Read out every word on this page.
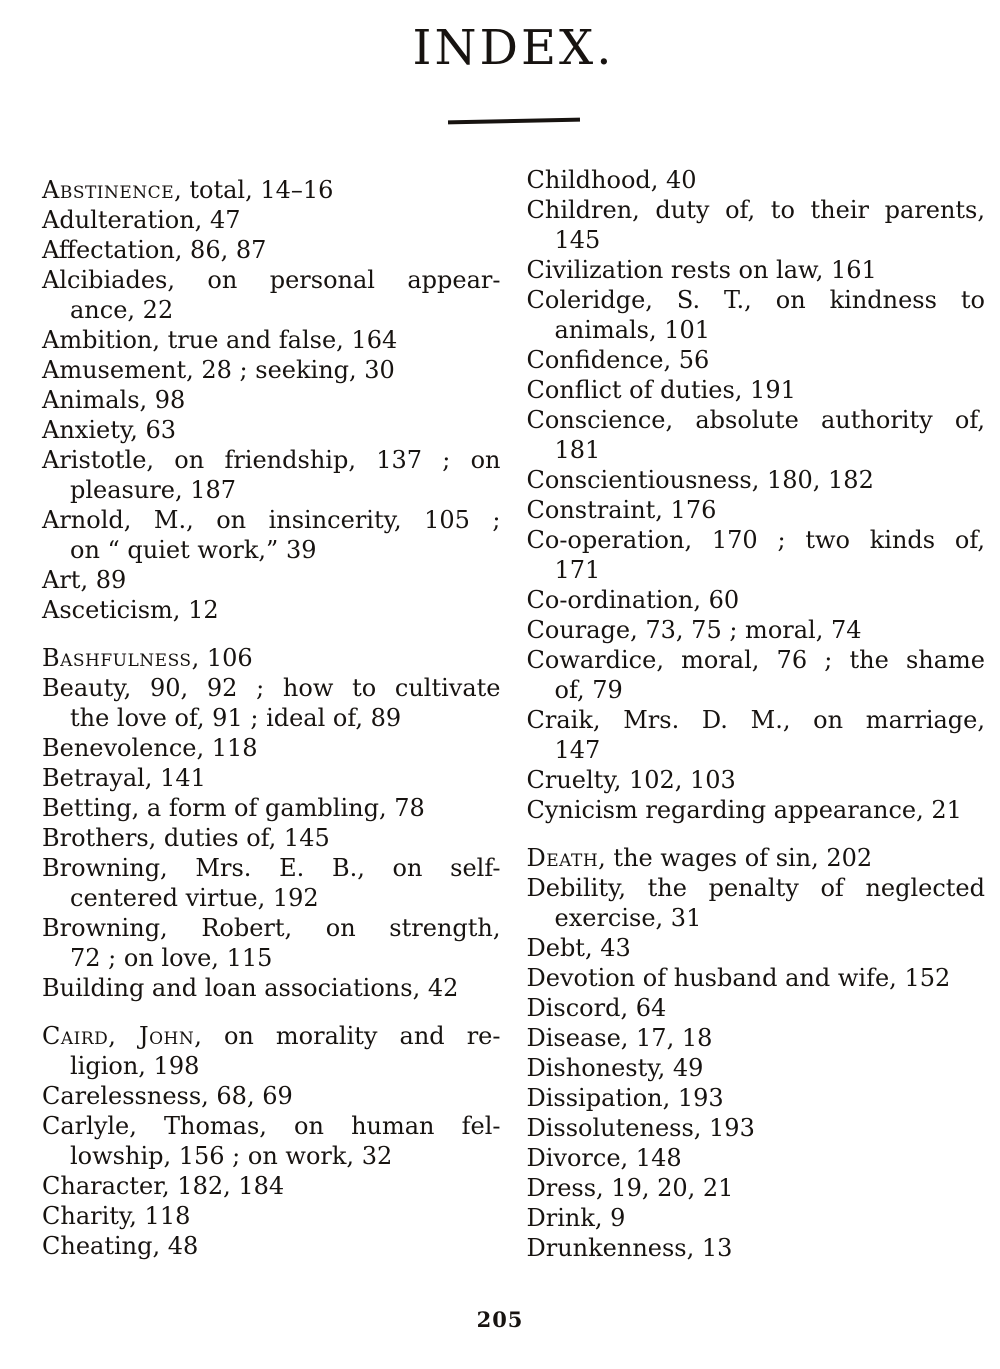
INDEX.

Abstinence, total, 14–16

Adulteration, 47

Affectation, 86, 87

Alcibiades, on personal appear-
ance, 22

Ambition, true and false, 164

Amusement, 28 ; seeking, 30

Animals, 98

Anxiety, 63

Aristotle, on friendship, 137 ; on
pleasure, 187

Arnold, M., on insincerity, 105 ;
on “ quiet work,” 39

Art, 89

Asceticism, 12

Bashfulness, 106

Beauty, 90, 92 ; how to cultivate
the love of, 91 ; ideal of, 89

Benevolence, 118

Betrayal, 141

Betting, a form of gambling, 78

Brothers, duties of, 145

Browning, Mrs. E. B., on self-
centered virtue, 192

Browning, Robert, on strength,
72 ; on love, 115

Building and loan associations, 42

Caird, John, on morality and re-
ligion, 198

Carelessness, 68, 69

Carlyle, Thomas, on human fel-
lowship, 156 ; on work, 32

Character, 182, 184

Charity, 118

Cheating, 48

Childhood, 40

Children, duty of, to their parents,
145

Civilization rests on law, 161

Coleridge, S. T., on kindness to
animals, 101

Confidence, 56

Conflict of duties, 191

Conscience, absolute authority of,
181

Conscientiousness, 180, 182

Constraint, 176

Co-operation, 170 ; two kinds of,
171

Co-ordination, 60

Courage, 73, 75 ; moral, 74

Cowardice, moral, 76 ; the shame
of, 79

Craik, Mrs. D. M., on marriage,
147

Cruelty, 102, 103

Cynicism regarding appearance, 21

Death, the wages of sin, 202

Debility, the penalty of neglected
exercise, 31

Debt, 43

Devotion of husband and wife, 152

Discord, 64

Disease, 17, 18

Dishonesty, 49

Dissipation, 193

Dissoluteness, 193

Divorce, 148

Dress, 19, 20, 21

Drink, 9

Drunkenness, 13

205
